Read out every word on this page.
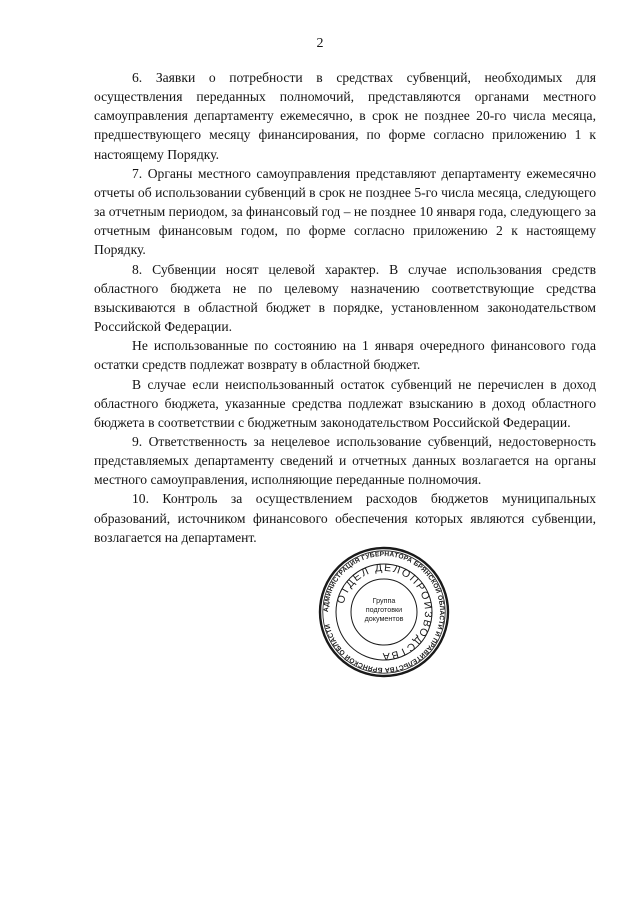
2

6. Заявки о потребности в средствах субвенций, необходимых для осуществления переданных полномочий, представляются органами местного самоуправления департаменту ежемесячно, в срок не позднее 20-го числа месяца, предшествующего месяцу финансирования, по форме согласно приложению 1 к настоящему Порядку.

7. Органы местного самоуправления представляют департаменту ежемесячно отчеты об использовании субвенций в срок не позднее 5-го числа месяца, следующего за отчетным периодом, за финансовый год – не позднее 10 января года, следующего за отчетным финансовым годом, по форме согласно приложению 2 к настоящему Порядку.

8. Субвенции носят целевой характер. В случае использования средств областного бюджета не по целевому назначению соответствующие средства взыскиваются в областной бюджет в порядке, установленном законодательством Российской Федерации.

Не использованные по состоянию на 1 января очередного финансового года остатки средств подлежат возврату в областной бюджет.

В случае если неиспользованный остаток субвенций не перечислен в доход областного бюджета, указанные средства подлежат взысканию в доход областного бюджета в соответствии с бюджетным законодательством Российской Федерации.

9. Ответственность за нецелевое использование субвенций, недостоверность представляемых департаменту сведений и отчетных данных возлагается на органы местного самоуправления, исполняющие переданные полномочия.

10. Контроль за осуществлением расходов бюджетов муниципальных образований, источником финансового обеспечения которых являются субвенции, возлагается на департамент.

АДМИНИСТРАЦИЯ ГУБЕРНАТОРА БРЯНСКОЙ ОБЛАСТИ И ПРАВИТЕЛЬСТВА БРЯНСКОЙ ОБЛАСТИ
ОТДЕЛ ДЕЛОПРОИЗВОДСТВА
Группа
подготовки
документов
